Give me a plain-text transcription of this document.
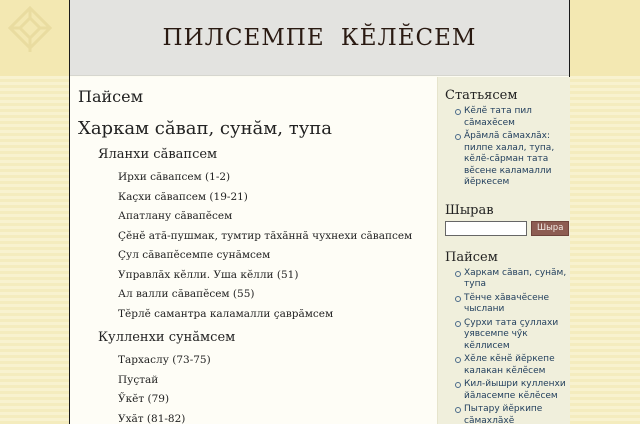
ПИЛСЕМПЕ КĔЛĔСЕМ
Пайсем
Харкам сăвап, сунăм, тупа
Яланхи сăвапсем
Ирхи сăвапсем (1-2)
Каçхи сăвапсем (19-21)
Апатлану сăвапĕсем
Çĕнĕ атă-пушмак, тумтир тăхăннă чухнехи сăвапсем
Çул сăвапĕсемпе сунăмсем
Управлăх кĕлли. Уша кĕлли (51)
Ал валли сăвапĕсем (55)
Тĕрлĕ самантра каламалли çаврăмсем
Кулленхи сунăмсем
Тархаслу (73-75)
Пуçтай
Ӳкĕт (79)
Ухăт (81-82)
Статьясем
Кĕлĕ тата пил сăмахĕсем
Ăрăмлă сăмахлăх: пилпе халал, тупа, кĕлĕ-сăрман тата вĕсене каламалли йĕркесем
Шырав
Шыра
Пайсем
Харкам сăвап, сунăм, тупа
Тĕнче хăвачĕсене чыслани
Çурхи тата çуллахи уявсемпе чӳк кĕллисем
Хĕле кĕнĕ йĕркепе калакан кĕлĕсем
Кил-йышри кулленхи йăласемпе кĕлĕсем
Пытару йĕркипе сăмахлăхĕ
